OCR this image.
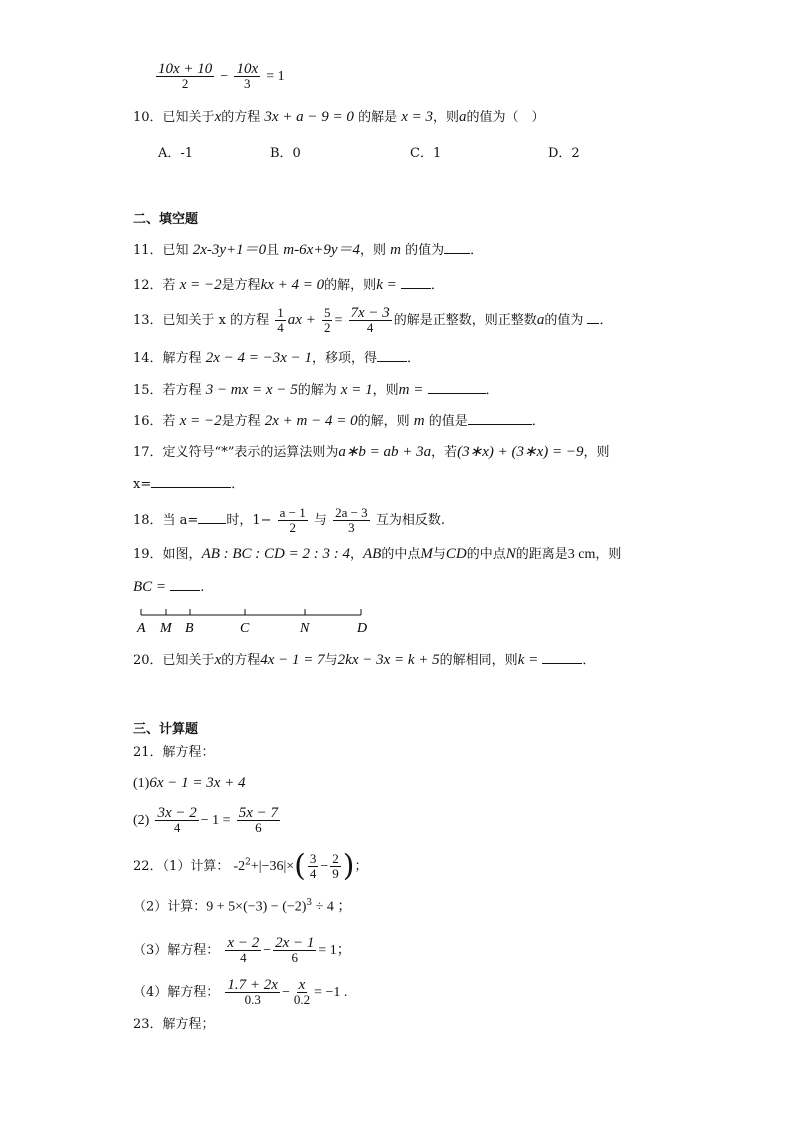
$\frac{10x + 10}{2} - \frac{10x}{3} = 1$
10．已知关于x的方程 3x + a − 9 = 0 的解是 x = 3，则a的值为（　）
A．-1	B．0	C．1	D．2
二、填空题
11．已知 2x-3y+1＝0且 m-6x+9y＝4，则 m 的值为 ．
12．若 x = −2是方程kx + 4 = 0的解，则k =	．
13．已知关于 x 的方程 $\frac{1}{4}$ ax + $\frac{5}{2} = \frac{7x - 3}{4}$ 的解是正整数，则正整数a的值为 ．
14．解方程 2x − 4 = −3x − 1，移项，得 ．
15．若方程 3 − mx = x − 5的解为 x = 1，则m =	．
16．若 x = −2是方程 2x + m − 4 = 0的解，则 m 的值是	．
17．定义符号“*”表示的运算法则为a∗b = ab + 3a，若(3∗x) + (3∗x) = −9，则
x=	．
18．当 a= 时，$1- \frac{a - 1}{2}$ 与 $\frac{2a - 3}{3}$ 互为相反数.
19．如图，AB : BC : CD = 2 : 3 : 4，AB的中点M与CD的中点N的距离是3 cm，则
BC =	.
A M B	C	N	D
20．已知关于x的方程4x − 1 = 7与2kx − 3x = k + 5的解相同，则k =	．
三、计算题
21．解方程：
(1)6x − 1 = 3x + 4
$(2) \frac{3x - 2}{4} - 1 = \frac{5x - 7}{6}$
22．（1）计算： $-2^2+|-36|\times( \frac{3}{4} - \frac{2}{9}$ )；
（2）计算：$9 + 5\times(-3) - (-2)^3 \div 4$ ；
（3）解方程： $\frac{x - 2}{4} - \frac{2x - 1}{6} = 1$；
（4）解方程： $\frac{1.7 + 2x}{0.3} - \frac{x}{0.2} = -1$ .
23．解方程；
